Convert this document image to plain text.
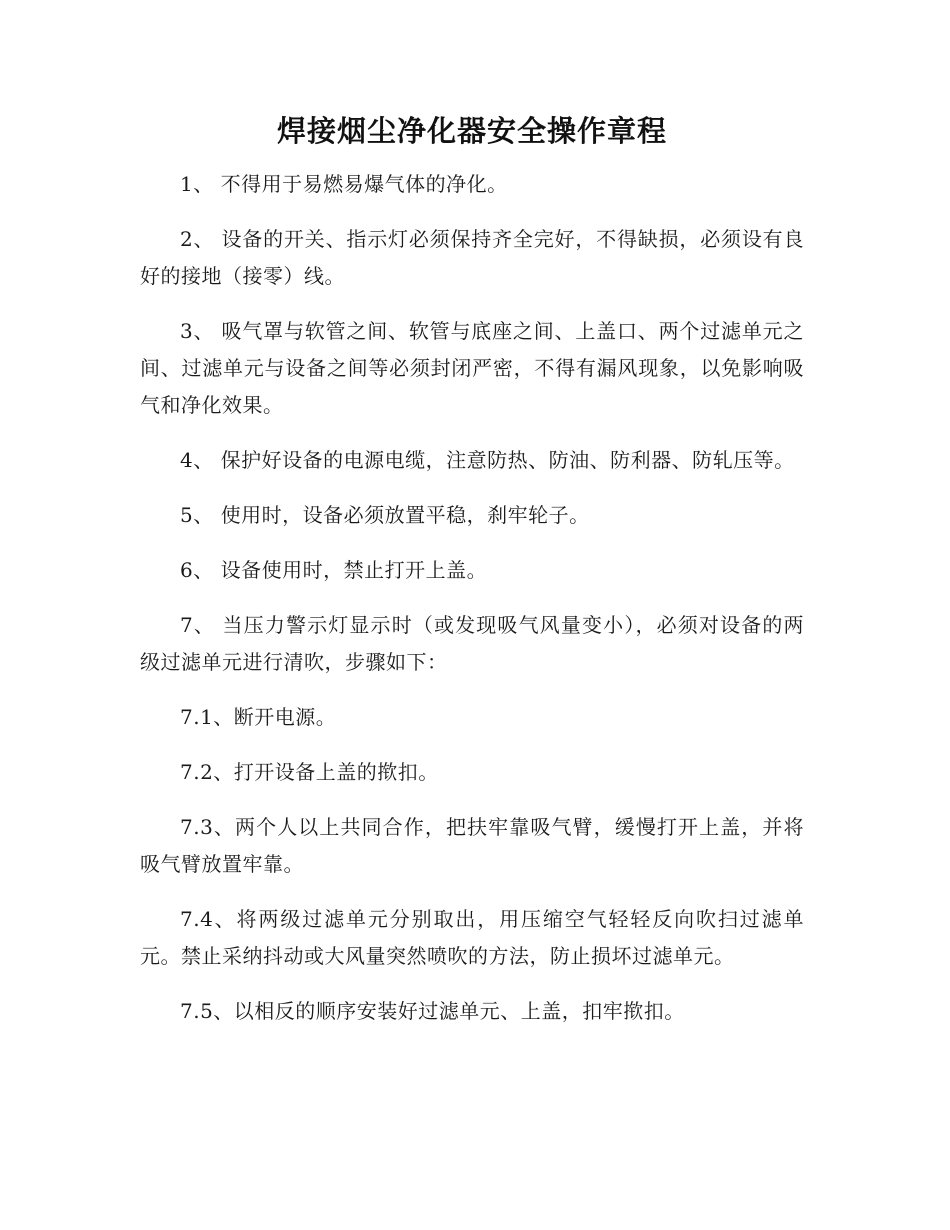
焊接烟尘净化器安全操作章程

1、 不得用于易燃易爆气体的净化。

2、 设备的开关、指示灯必须保持齐全完好，不得缺损，必须设有良好的接地（接零）线。

3、 吸气罩与软管之间、软管与底座之间、上盖口、两个过滤单元之间、过滤单元与设备之间等必须封闭严密，不得有漏风现象，以免影响吸气和净化效果。

4、 保护好设备的电源电缆，注意防热、防油、防利器、防轧压等。

5、 使用时，设备必须放置平稳，刹牢轮子。

6、 设备使用时，禁止打开上盖。

7、 当压力警示灯显示时（或发现吸气风量变小），必须对设备的两级过滤单元进行清吹，步骤如下：

7.1、断开电源。

7.2、打开设备上盖的揿扣。

7.3、两个人以上共同合作，把扶牢靠吸气臂，缓慢打开上盖，并将吸气臂放置牢靠。

7.4、将两级过滤单元分别取出，用压缩空气轻轻反向吹扫过滤单元。禁止采纳抖动或大风量突然喷吹的方法，防止损坏过滤单元。

7.5、以相反的顺序安装好过滤单元、上盖，扣牢揿扣。
